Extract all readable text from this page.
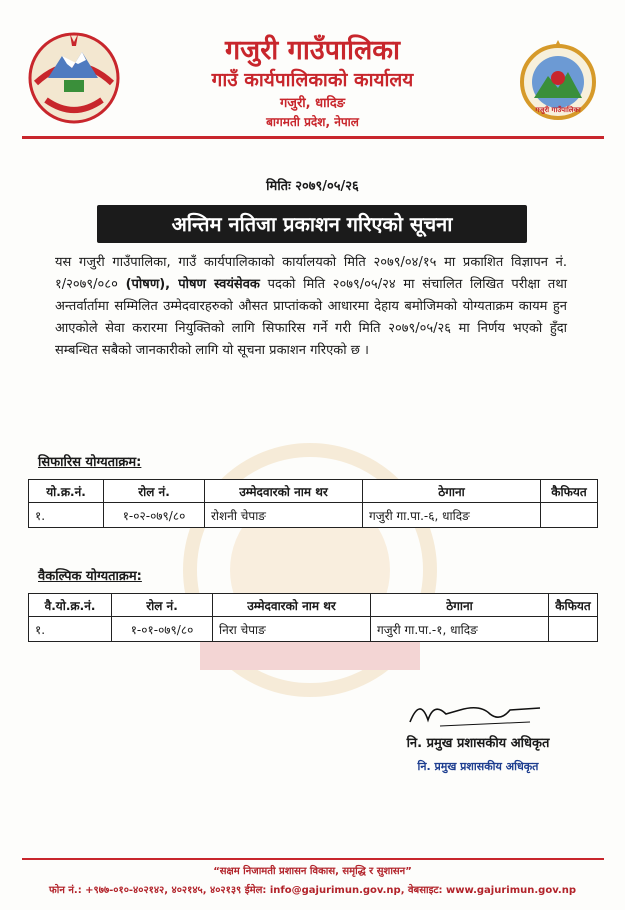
गजुरी गाउँपालिका
गजुरी गाउँपालिका
गाउँ कार्यपालिकाको कार्यालय
गजुरी, धादिङ
बागमती प्रदेश, नेपाल
मितिः २०७९/०५/२६
अन्तिम नतिजा प्रकाशन गरिएको सूचना
यस गजुरी गाउँपालिका, गाउँ कार्यपालिकाको कार्यालयको मिति २०७९/०४/१५ मा प्रकाशित विज्ञापन नं. १/२०७९/०८० (पोषण), पोषण स्वयंसेवक पदको मिति २०७९/०५/२४ मा संचालित लिखित परीक्षा तथा अन्तर्वार्तामा सम्मिलित उम्मेदवारहरुको औसत प्राप्तांकको आधारमा देहाय बमोजिमको योग्यताक्रम कायम हुन आएकोले सेवा करारमा नियुक्तिको लागि सिफारिस गर्ने गरी मिति २०७९/०५/२६ मा निर्णय भएको हुँदा सम्बन्धित सबैको जानकारीको लागि यो सूचना प्रकाशन गरिएको छ ।
सिफारिस योग्यताक्रम:
यो.क्र.नं.	रोल नं.	उम्मेदवारको नाम थर	ठेगाना	कैफियत
१.	१-०२-०७९/८०	रोशनी चेपाङ	गजुरी गा.पा.-६, धादिङ	
वैकल्पिक योग्यताक्रम:
वै.यो.क्र.नं.	रोल नं.	उम्मेदवारको नाम थर	ठेगाना	कैफियत
१.	१-०१-०७९/८०	निरा चेपाङ	गजुरी गा.पा.-१, धादिङ	
नि. प्रमुख प्रशासकीय अधिकृत
नि. प्रमुख प्रशासकीय अधिकृत
“सक्षम निजामती प्रशासन विकास, समृद्धि र सुशासन”
फोन नं.: +९७७-०१०-४०२१४२, ४०२१४५, ४०२१३९ ईमेल: info@gajurimun.gov.np, वेबसाइट: www.gajurimun.gov.np
